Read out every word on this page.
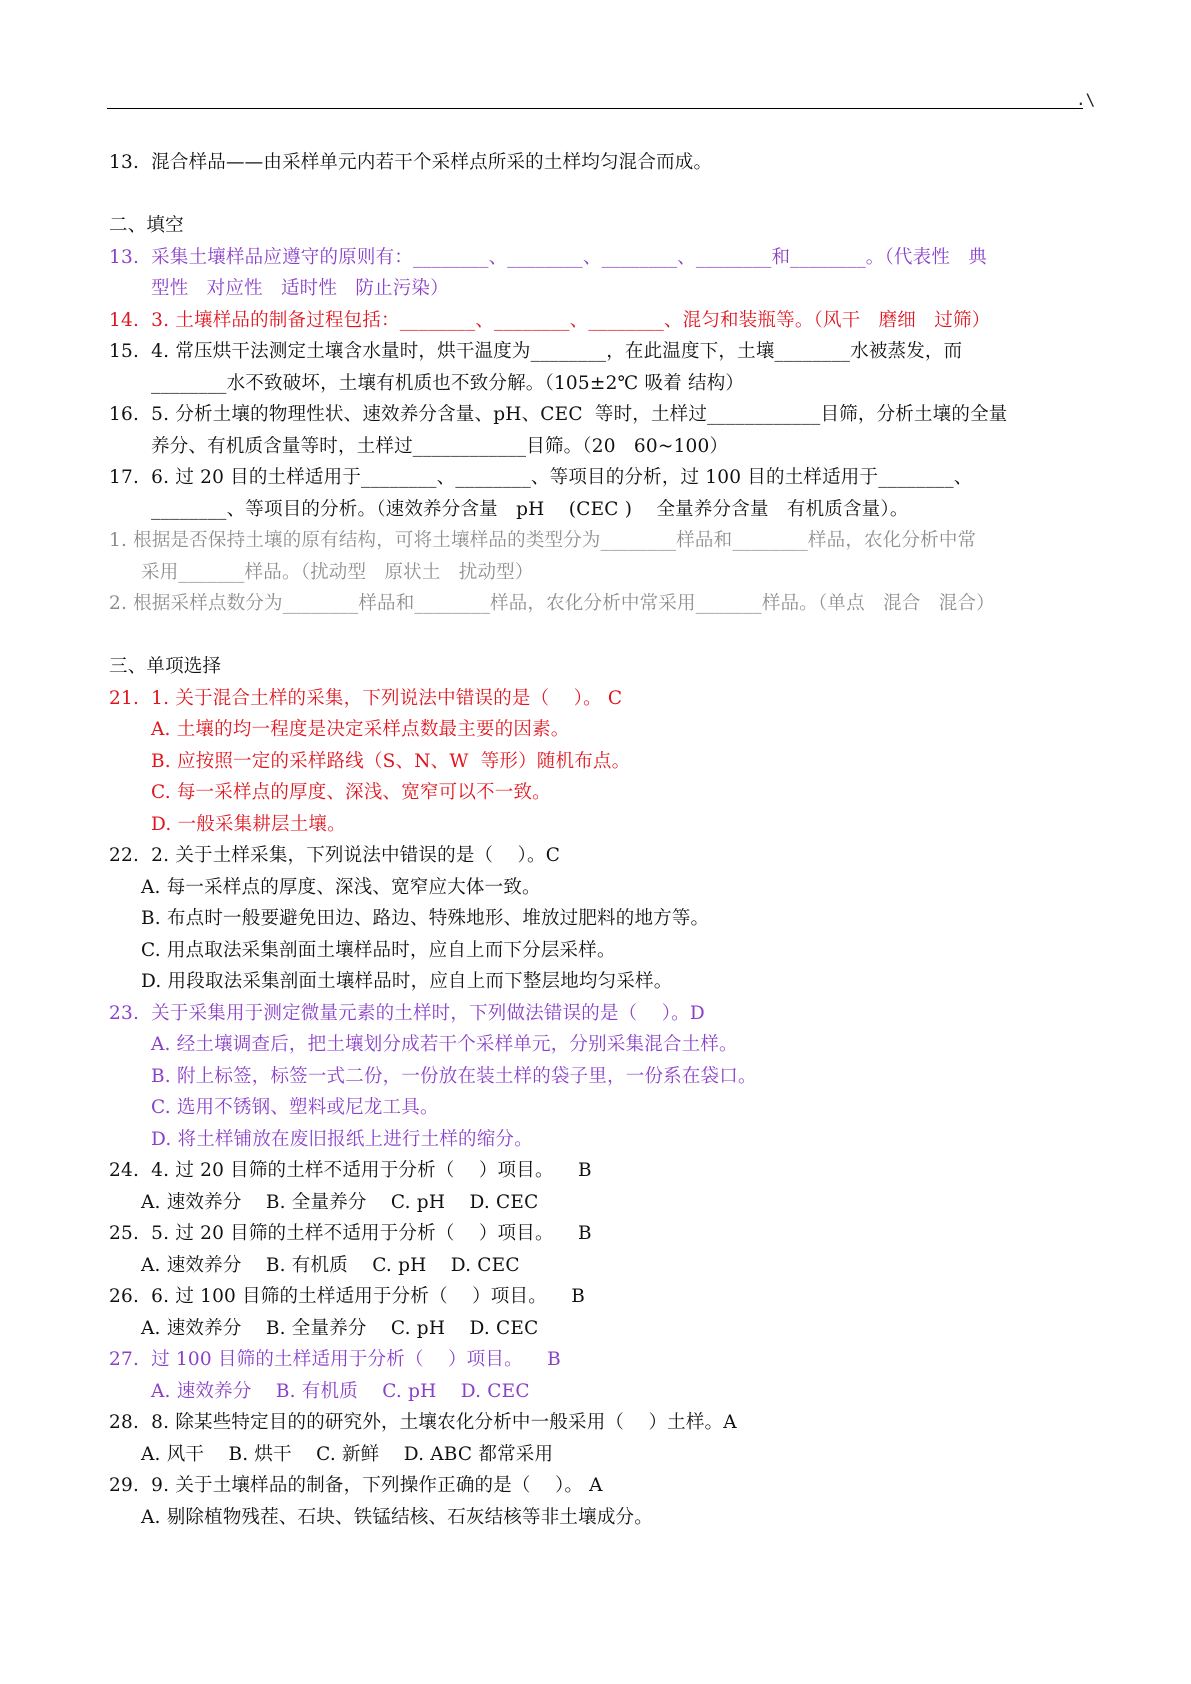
.\
13.  混合样品——由采样单元内若干个采样点所采的土样均匀混合而成。
二、填空
13.  采集土壤样品应遵守的原则有：________、________、________、________和________。（代表性   典
型性   对应性   适时性   防止污染）
14.  3. 土壤样品的制备过程包括：________、________、________、混匀和装瓶等。（风干   磨细   过筛）
15.  4. 常压烘干法测定土壤含水量时，烘干温度为________，在此温度下，土壤________水被蒸发，而
________水不致破坏，土壤有机质也不致分解。（105±2℃ 吸着 结构）
16.  5. 分析土壤的物理性状、速效养分含量、pH、CEC  等时，土样过____________目筛，分析土壤的全量
养分、有机质含量等时，土样过____________目筛。（20   60~100）
17.  6. 过 20 目的土样适用于________、________、等项目的分析，过 100 目的土样适用于________、
________、等项目的分析。（速效养分含量   pH    (CEC )    全量养分含量   有机质含量）。
1. 根据是否保持土壤的原有结构，可将土壤样品的类型分为________样品和________样品，农化分析中常
采用_______样品。（扰动型   原状土   扰动型）
2. 根据采样点数分为________样品和________样品，农化分析中常采用_______样品。（单点   混合   混合）
三、单项选择
21.  1. 关于混合土样的采集，下列说法中错误的是（    ）。 C
A. 土壤的均一程度是决定采样点数最主要的因素。
B. 应按照一定的采样路线（S、N、W  等形）随机布点。
C. 每一采样点的厚度、深浅、宽窄可以不一致。
D. 一般采集耕层土壤。
22.  2. 关于土样采集，下列说法中错误的是（    ）。C
A. 每一采样点的厚度、深浅、宽窄应大体一致。
B. 布点时一般要避免田边、路边、特殊地形、堆放过肥料的地方等。
C. 用点取法采集剖面土壤样品时，应自上而下分层采样。
D. 用段取法采集剖面土壤样品时，应自上而下整层地均匀采样。
23.  关于采集用于测定微量元素的土样时，下列做法错误的是（    ）。D
A. 经土壤调查后，把土壤划分成若干个采样单元，分别采集混合土样。
B. 附上标签，标签一式二份，一份放在装土样的袋子里，一份系在袋口。
C. 选用不锈钢、塑料或尼龙工具。
D. 将土样铺放在废旧报纸上进行土样的缩分。
24.  4. 过 20 目筛的土样不适用于分析（    ）项目。    B
A. 速效养分    B. 全量养分    C. pH    D. CEC
25.  5. 过 20 目筛的土样不适用于分析（    ）项目。    B
A. 速效养分    B. 有机质    C. pH    D. CEC
26.  6. 过 100 目筛的土样适用于分析（    ）项目。    B
A. 速效养分    B. 全量养分    C. pH    D. CEC
27.  过 100 目筛的土样适用于分析（    ）项目。    B
A. 速效养分    B. 有机质    C. pH    D. CEC
28.  8. 除某些特定目的的研究外，土壤农化分析中一般采用（    ）土样。A
A. 风干    B. 烘干    C. 新鲜    D. ABC 都常采用
29.  9. 关于土壤样品的制备，下列操作正确的是（    ）。 A
A. 剔除植物残茬、石块、铁锰结核、石灰结核等非土壤成分。
